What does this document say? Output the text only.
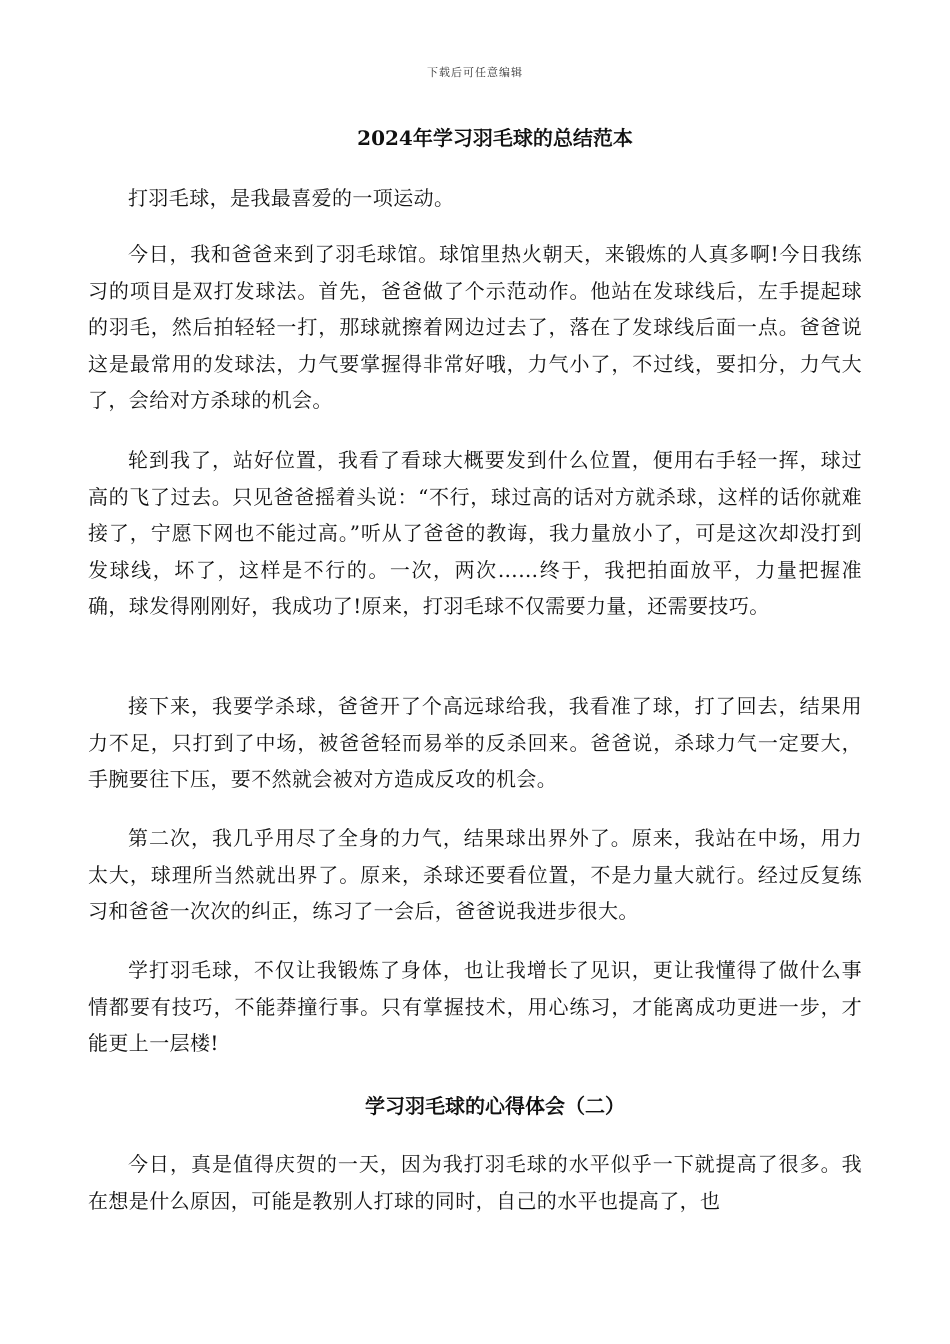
下载后可任意编辑
2024年学习羽毛球的总结范本

打羽毛球，是我最喜爱的一项运动。

今日，我和爸爸来到了羽毛球馆。球馆里热火朝天，来锻炼的人真多啊!今日我练习的项目是双打发球法。首先，爸爸做了个示范动作。他站在发球线后，左手提起球的羽毛，然后拍轻轻一打，那球就擦着网边过去了，落在了发球线后面一点。爸爸说这是最常用的发球法，力气要掌握得非常好哦，力气小了，不过线，要扣分，力气大了，会给对方杀球的机会。

轮到我了，站好位置，我看了看球大概要发到什么位置，便用右手轻一挥，球过高的飞了过去。只见爸爸摇着头说：“不行，球过高的话对方就杀球，这样的话你就难接了，宁愿下网也不能过高。”听从了爸爸的教诲，我力量放小了，可是这次却没打到发球线，坏了，这样是不行的。一次，两次……终于，我把拍面放平，力量把握准确，球发得刚刚好，我成功了!原来，打羽毛球不仅需要力量，还需要技巧。

接下来，我要学杀球，爸爸开了个高远球给我，我看准了球，打了回去，结果用力不足，只打到了中场，被爸爸轻而易举的反杀回来。爸爸说，杀球力气一定要大，手腕要往下压，要不然就会被对方造成反攻的机会。

第二次，我几乎用尽了全身的力气，结果球出界外了。原来，我站在中场，用力太大，球理所当然就出界了。原来，杀球还要看位置，不是力量大就行。经过反复练习和爸爸一次次的纠正，练习了一会后，爸爸说我进步很大。

学打羽毛球，不仅让我锻炼了身体，也让我增长了见识，更让我懂得了做什么事情都要有技巧，不能莽撞行事。只有掌握技术，用心练习，才能离成功更进一步，才能更上一层楼!

学习羽毛球的心得体会（二）

今日，真是值得庆贺的一天，因为我打羽毛球的水平似乎一下就提高了很多。我在想是什么原因，可能是教别人打球的同时，自己的水平也提高了，也
